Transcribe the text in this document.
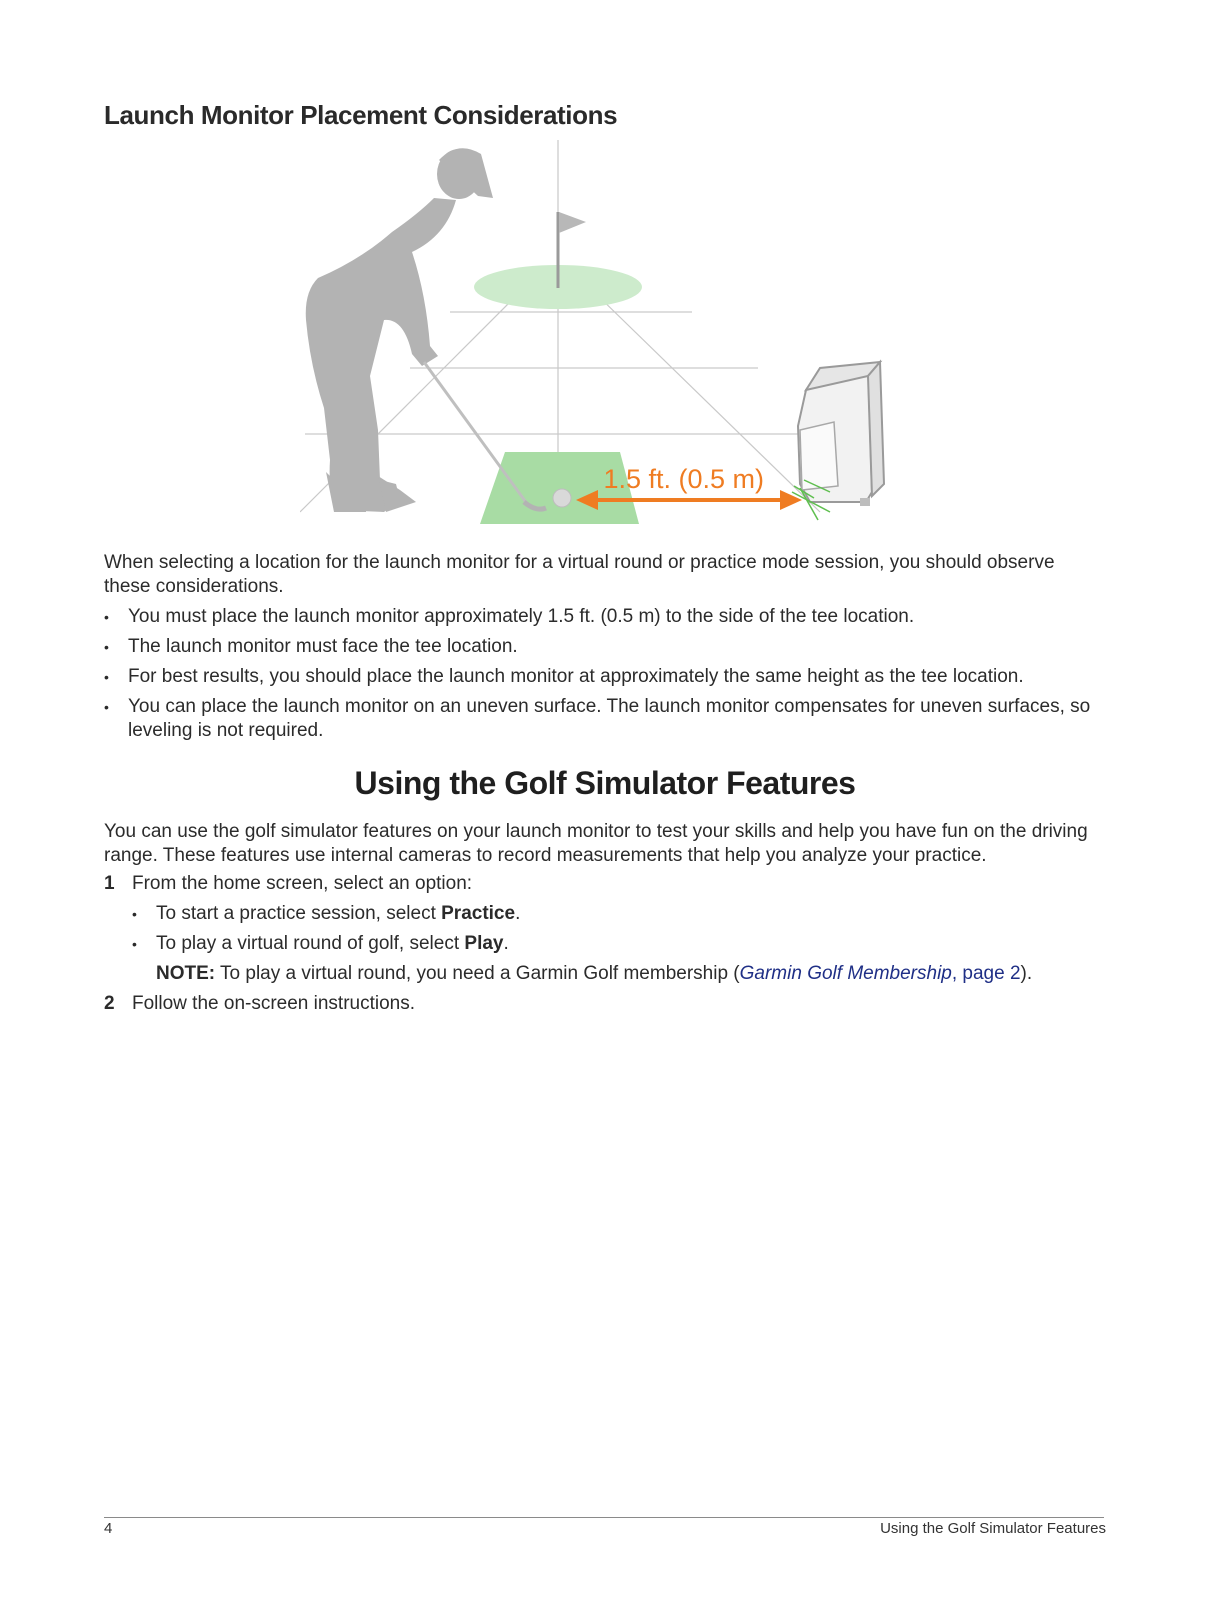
Launch Monitor Placement Considerations
1.5 ft. (0.5 m)

When selecting a location for the launch monitor for a virtual round or practice mode session, you should observe these considerations.

• You must place the launch monitor approximately 1.5 ft. (0.5 m) to the side of the tee location.
• The launch monitor must face the tee location.
• For best results, you should place the launch monitor at approximately the same height as the tee location.
• You can place the launch monitor on an uneven surface. The launch monitor compensates for uneven surfaces, so leveling is not required.
Using the Golf Simulator Features

You can use the golf simulator features on your launch monitor to test your skills and help you have fun on the driving range. These features use internal cameras to record measurements that help you analyze your practice.

1 From the home screen, select an option:
• To start a practice session, select Practice.
• To play a virtual round of golf, select Play.

NOTE: To play a virtual round, you need a Garmin Golf membership (Garmin Golf Membership, page 2).

2 Follow the on-screen instructions.
4	Using the Golf Simulator Features
